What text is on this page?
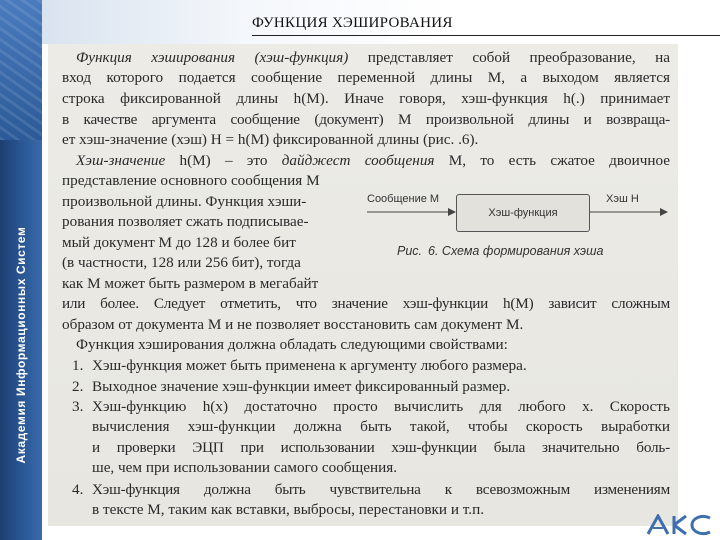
Академия Информационных Систем
ФУНКЦИЯ ХЭШИРОВАНИЯ

Функция хэширования (хэш-функция) представляет собой преобразование, на

вход которого подается сообщение переменной длины М, а выходом является

строка фиксированной длины h(M). Иначе говоря, хэш-функция h(.) принимает

в качестве аргумента сообщение (документ) М произвольной длины и возвраща-

ет хэш-значение (хэш) Н = h(M) фиксированной длины (рис. .6).

Хэш-значение h(M) – это дайджест сообщения М, то есть сжатое двоичное

представление основного сообщения М

произвольной длины. Функция хэши-

рования позволяет сжать подписывае-

мый документ М до 128 и более бит

(в частности, 128 или 256 бит), тогда

как М может быть размером в мегабайт

или более. Следует отметить, что значение хэш-функции h(M) зависит сложным

образом от документа М и не позволяет восстановить сам документ М.

Функция хэширования должна обладать следующими свойствами:

Сообщение М
Хэш-функция
Хэш Н
Рис. 6. Схема формирования хэша
1. Хэш-функция может быть применена к аргументу любого размера.
2. Выходное значение хэш-функции имеет фиксированный размер.
3. Хэш-функцию h(x) достаточно просто вычислить для любого х. Скорость
вычисления хэш-функции должна быть такой, чтобы скорость выработки
и проверки ЭЦП при использовании хэш-функции была значительно боль-
ше, чем при использовании самого сообщения.
4. Хэш-функция должна быть чувствительна к всевозможным изменениям
в тексте М, таким как вставки, выбросы, перестановки и т.п.
